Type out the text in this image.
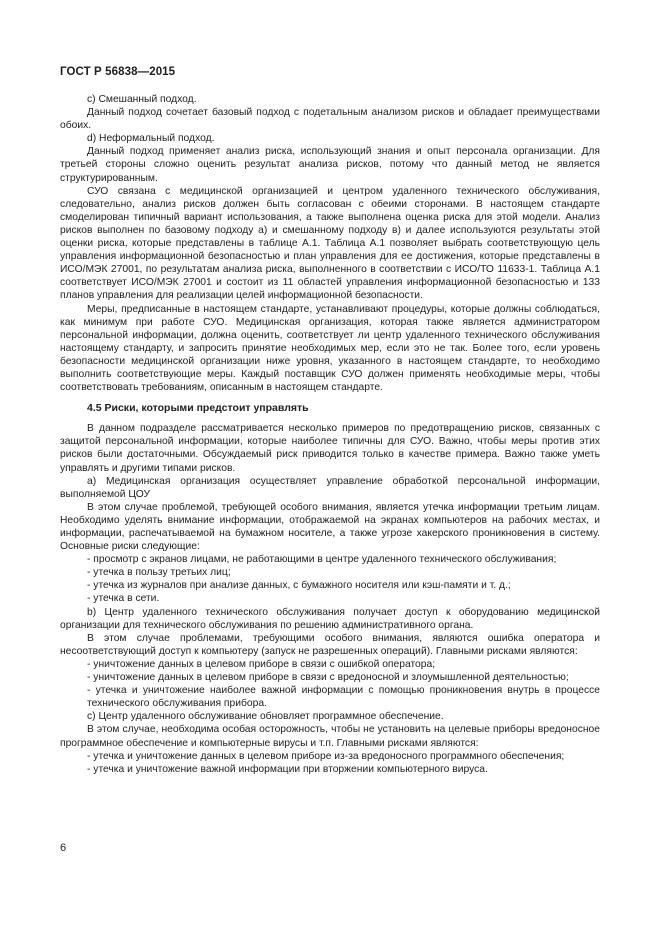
ГОСТ Р 56838—2015

c) Смешанный подход.

Данный подход сочетает базовый подход с подетальным анализом рисков и обладает преимуществами обоих.

d) Неформальный подход.

Данный подход применяет анализ риска, использующий знания и опыт персонала организации. Для третьей стороны сложно оценить результат анализа рисков, потому что данный метод не является структурированным.

СУО связана с медицинской организацией и центром удаленного технического обслуживания, следовательно, анализ рисков должен быть согласован с обеими сторонами. В настоящем стандарте смоделирован типичный вариант использования, а также выполнена оценка риска для этой модели. Анализ рисков выполнен по базовому подходу а) и смешанному подходу в) и далее используются результаты этой оценки риска, которые представлены в таблице А.1. Таблица А.1 позволяет выбрать соответствующую цель управления информационной безопасностью и план управления для ее достижения, которые представлены в ИСО/МЭК 27001, по результатам анализа риска, выполненного в соответствии с ИСО/ТО 11633-1. Таблица А.1 соответствует ИСО/МЭК 27001 и состоит из 11 областей управления информационной безопасностью и 133 планов управления для реализации целей информационной безопасности.

Меры, предписанные в настоящем стандарте, устанавливают процедуры, которые должны соблюдаться, как минимум при работе СУО. Медицинская организация, которая также является администратором персональной информации, должна оценить, соответствует ли центр удаленного технического обслуживания настоящему стандарту, и запросить принятие необходимых мер, если это не так. Более того, если уровень безопасности медицинской организации ниже уровня, указанного в настоящем стандарте, то необходимо выполнить соответствующие меры. Каждый поставщик СУО должен применять необходимые меры, чтобы соответствовать требованиям, описанным в настоящем стандарте.

4.5 Риски, которыми предстоит управлять

В данном подразделе рассматривается несколько примеров по предотвращению рисков, связанных с защитой персональной информации, которые наиболее типичны для СУО. Важно, чтобы меры против этих рисков были достаточными. Обсуждаемый риск приводится только в качестве примера. Важно также уметь управлять и другими типами рисков.

a) Медицинская организация осуществляет управление обработкой персональной информации, выполняемой ЦОУ

В этом случае проблемой, требующей особого внимания, является утечка информации третьим лицам. Необходимо уделять внимание информации, отображаемой на экранах компьютеров на рабочих местах, и информации, распечатываемой на бумажном носителе, а также угрозе хакерского проникновения в систему. Основные риски следующие:

- просмотр с экранов лицами, не работающими в центре удаленного технического обслуживания;
- утечка в пользу третьих лиц;
- утечка из журналов при анализе данных, с бумажного носителя или кэш-памяти и т. д.;
- утечка в сети.

b) Центр удаленного технического обслуживания получает доступ к оборудованию медицинской организации для технического обслуживания по решению административного органа.

В этом случае проблемами, требующими особого внимания, являются ошибка оператора и несоответствующий доступ к компьютеру (запуск не разрешенных операций). Главными рисками являются:

- уничтожение данных в целевом приборе в связи с ошибкой оператора;
- уничтожение данных в целевом приборе в связи с вредоносной и злоумышленной деятельностью;
- утечка и уничтожение наиболее важной информации с помощью проникновения внутрь в процессе технического обслуживания прибора.

c) Центр удаленного обслуживание обновляет программное обеспечение.

В этом случае, необходима особая осторожность, чтобы не установить на целевые приборы вредоносное программное обеспечение и компьютерные вирусы и т.п. Главными рисками являются:

- утечка и уничтожение данных в целевом приборе из-за вредоносного программного обеспечения;
- утечка и уничтожение важной информации при вторжении компьютерного вируса.
6
